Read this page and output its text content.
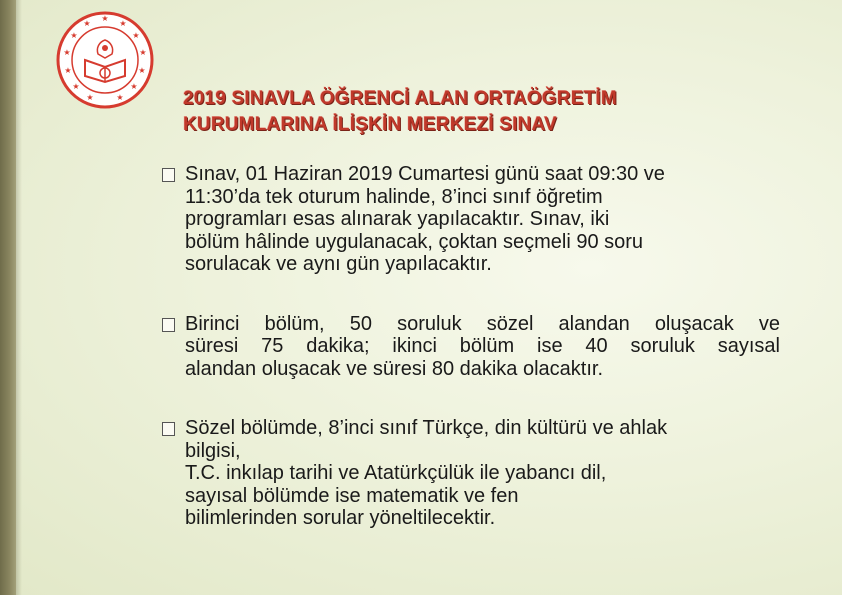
★
★
★
★
★
★
★
★
★
★
★
★
★
2019 SINAVLA ÖĞRENCİ ALAN ORTAÖĞRETİM
KURUMLARINA İLİŞKİN MERKEZİ SINAV

Sınav, 01 Haziran 2019 Cumartesi günü saat 09:30 ve

11:30’da tek oturum halinde, 8’inci sınıf öğretim

programları esas alınarak yapılacaktır. Sınav, iki

bölüm hâlinde uygulanacak, çoktan seçmeli 90 soru

sorulacak ve aynı gün yapılacaktır.

Birinci bölüm, 50 soruluk sözel alandan oluşacak ve

süresi 75 dakika; ikinci bölüm ise 40 soruluk sayısal

alandan oluşacak ve süresi 80 dakika olacaktır.

Sözel bölümde, 8’inci sınıf Türkçe, din kültürü ve ahlak

bilgisi,

T.C. inkılap tarihi ve Atatürkçülük ile yabancı dil,

sayısal bölümde ise matematik ve fen

bilimlerinden sorular yöneltilecektir.
